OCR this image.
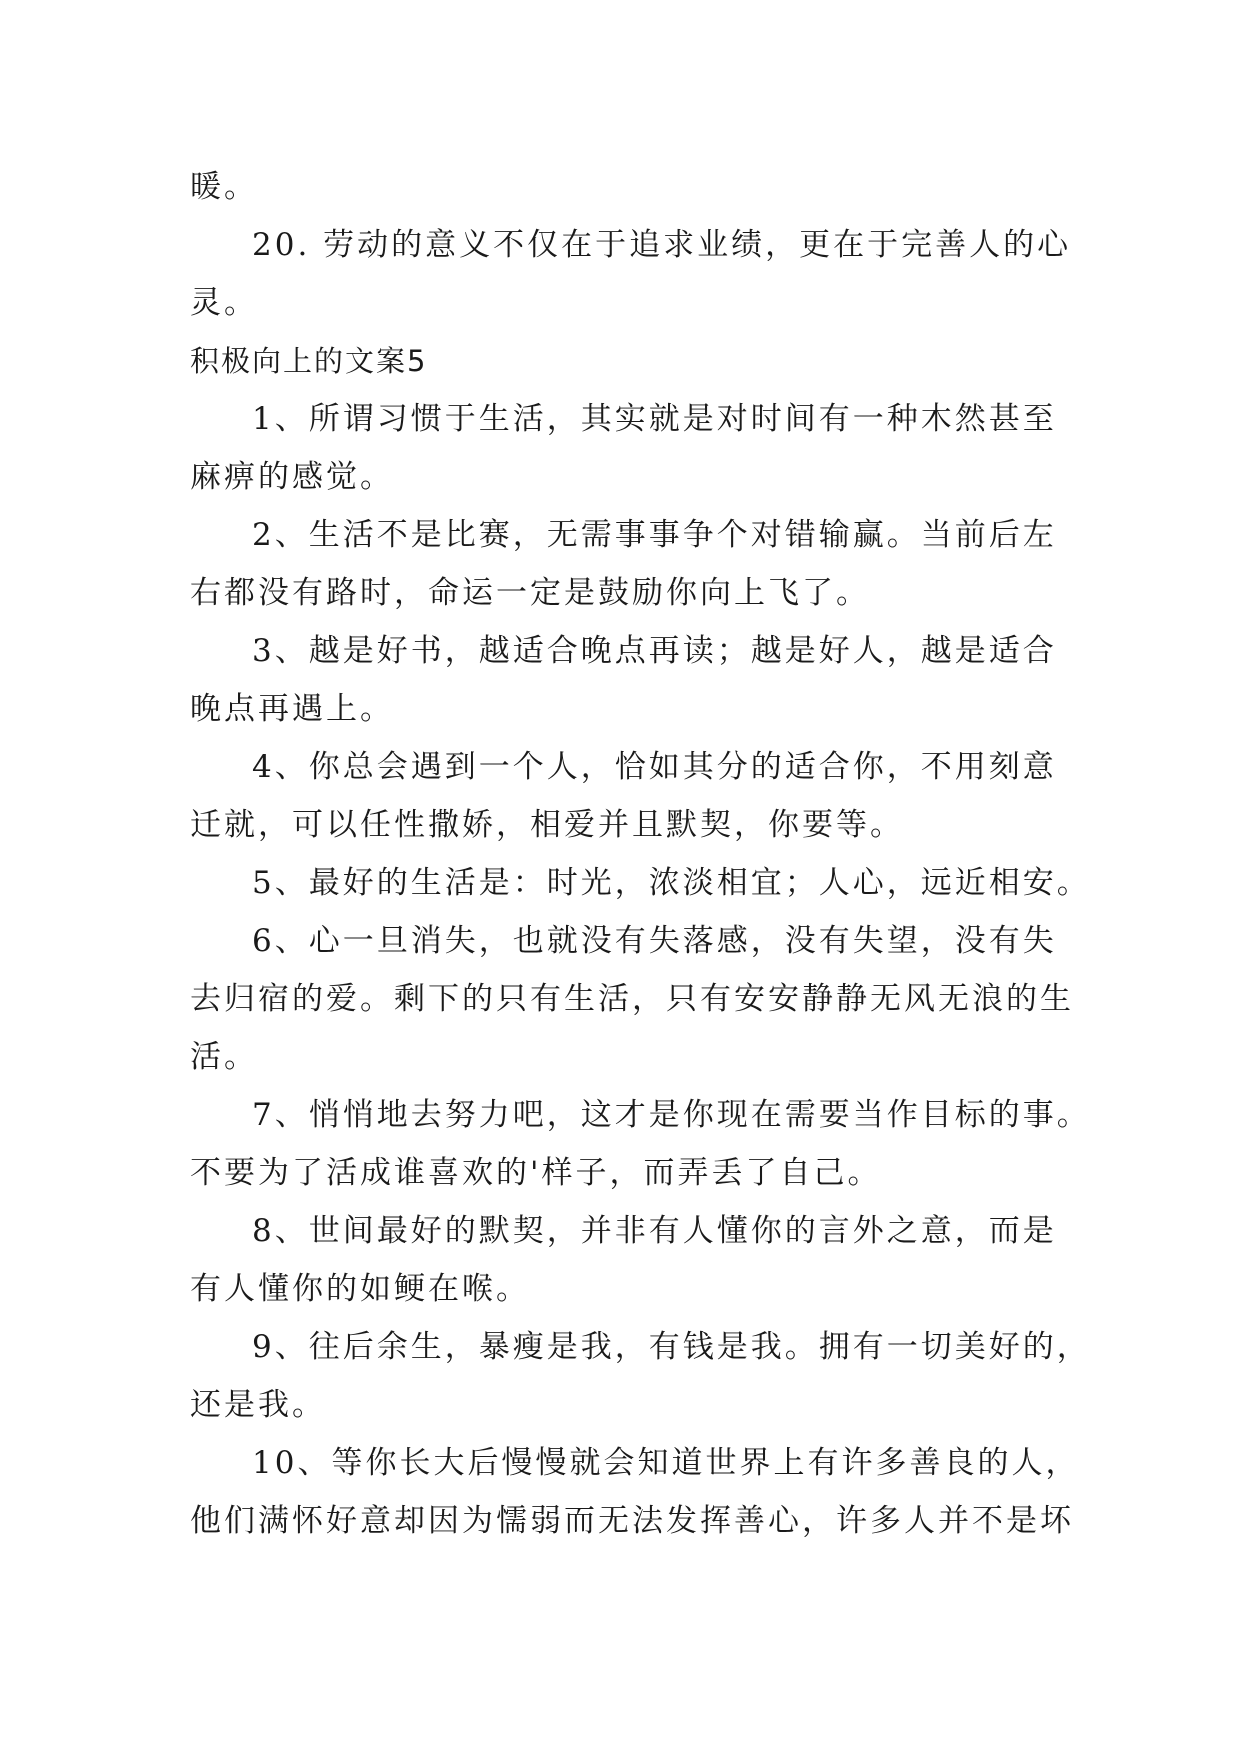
暖。

20. 劳动的意义不仅在于追求业绩，更在于完善人的心

灵。

积极向上的文案5

1、所谓习惯于生活，其实就是对时间有一种木然甚至

麻痹的感觉。

2、生活不是比赛，无需事事争个对错输赢。当前后左

右都没有路时，命运一定是鼓励你向上飞了。

3、越是好书，越适合晚点再读；越是好人，越是适合

晚点再遇上。

4、你总会遇到一个人，恰如其分的适合你，不用刻意

迁就，可以任性撒娇，相爱并且默契，你要等。

5、最好的生活是：时光，浓淡相宜；人心，远近相安。

6、心一旦消失，也就没有失落感，没有失望，没有失

去归宿的爱。剩下的只有生活，只有安安静静无风无浪的生

活。

7、悄悄地去努力吧，这才是你现在需要当作目标的事。

不要为了活成谁喜欢的'样子，而弄丢了自己。

8、世间最好的默契，并非有人懂你的言外之意，而是

有人懂你的如鲠在喉。

9、往后余生，暴瘦是我，有钱是我。拥有一切美好的，

还是我。

10、等你长大后慢慢就会知道世界上有许多善良的人，

他们满怀好意却因为懦弱而无法发挥善心，许多人并不是坏
